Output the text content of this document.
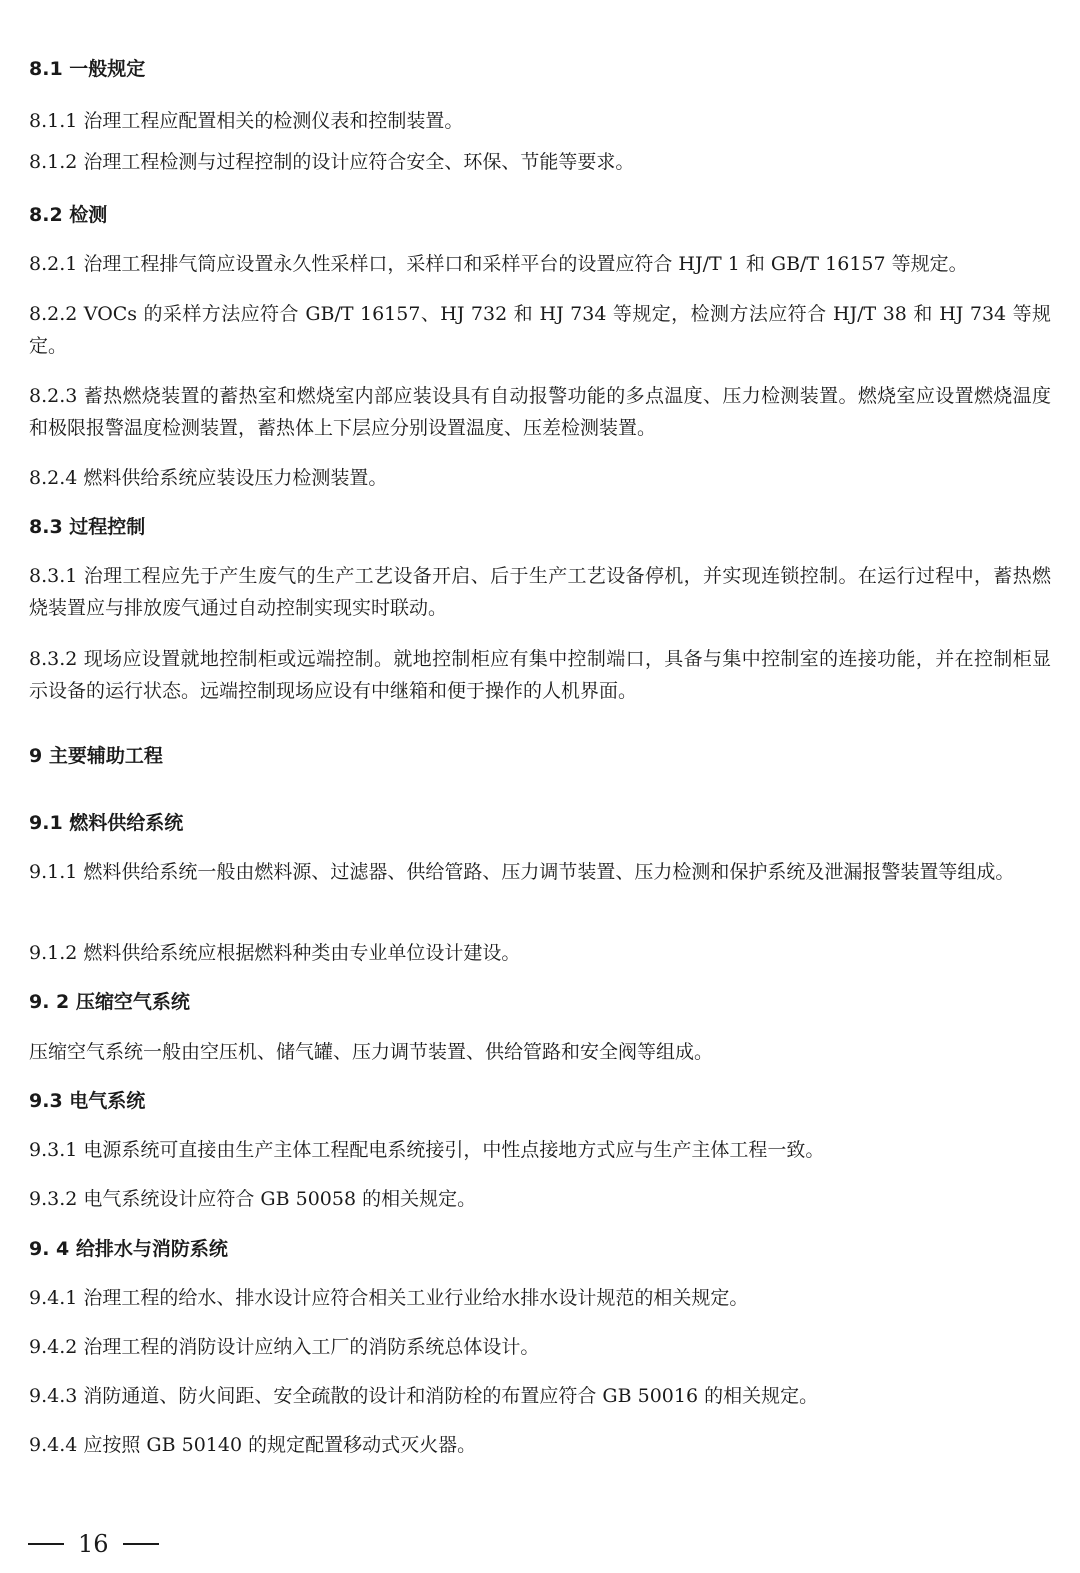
8.1 一般规定
8.1.1 治理工程应配置相关的检测仪表和控制装置。
8.1.2 治理工程检测与过程控制的设计应符合安全、环保、节能等要求。
8.2 检测
8.2.1 治理工程排气筒应设置永久性采样口，采样口和采样平台的设置应符合 HJ/T 1 和 GB/T 16157 等规定。
8.2.2 VOCs 的采样方法应符合 GB/T 16157、HJ 732 和 HJ 734 等规定，检测方法应符合 HJ/T 38 和 HJ 734 等规定。
8.2.3 蓄热燃烧装置的蓄热室和燃烧室内部应装设具有自动报警功能的多点温度、压力检测装置。燃烧室应设置燃烧温度和极限报警温度检测装置，蓄热体上下层应分别设置温度、压差检测装置。
8.2.4 燃料供给系统应装设压力检测装置。
8.3 过程控制
8.3.1 治理工程应先于产生废气的生产工艺设备开启、后于生产工艺设备停机，并实现连锁控制。在运行过程中，蓄热燃烧装置应与排放废气通过自动控制实现实时联动。
8.3.2 现场应设置就地控制柜或远端控制。就地控制柜应有集中控制端口，具备与集中控制室的连接功能，并在控制柜显示设备的运行状态。远端控制现场应设有中继箱和便于操作的人机界面。
9 主要辅助工程
9.1 燃料供给系统
9.1.1 燃料供给系统一般由燃料源、过滤器、供给管路、压力调节装置、压力检测和保护系统及泄漏报警装置等组成。
9.1.2 燃料供给系统应根据燃料种类由专业单位设计建设。
9. 2 压缩空气系统
压缩空气系统一般由空压机、储气罐、压力调节装置、供给管路和安全阀等组成。
9.3 电气系统
9.3.1 电源系统可直接由生产主体工程配电系统接引，中性点接地方式应与生产主体工程一致。
9.3.2 电气系统设计应符合 GB 50058 的相关规定。
9. 4 给排水与消防系统
9.4.1 治理工程的给水、排水设计应符合相关工业行业给水排水设计规范的相关规定。
9.4.2 治理工程的消防设计应纳入工厂的消防系统总体设计。
9.4.3 消防通道、防火间距、安全疏散的设计和消防栓的布置应符合 GB 50016 的相关规定。
9.4.4 应按照 GB 50140 的规定配置移动式灭火器。
16
